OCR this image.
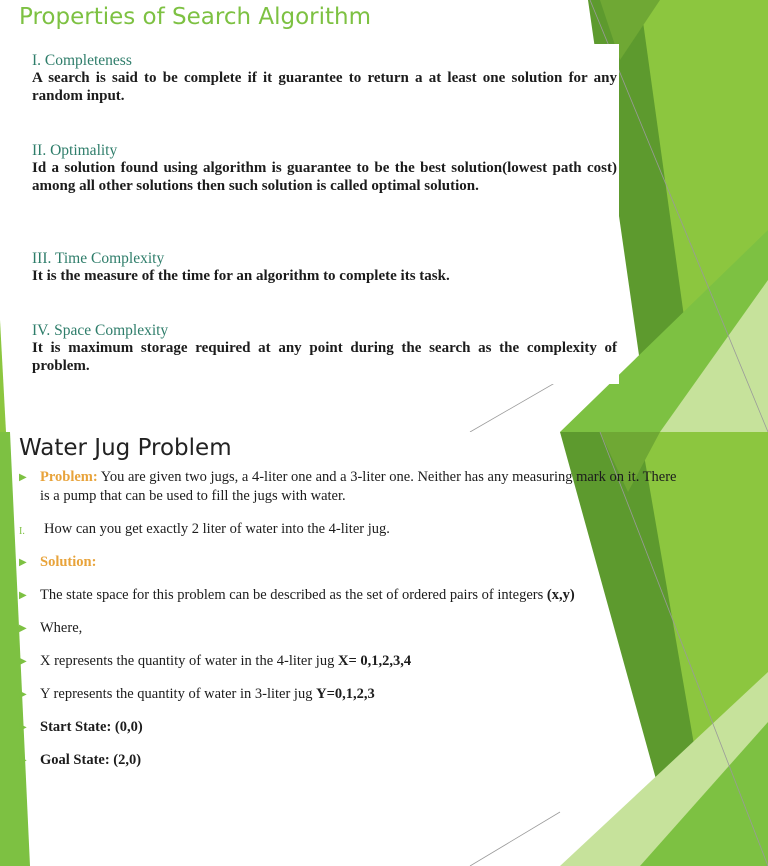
Properties of Search Algorithm
I. Completeness
A search is said to be complete if it guarantee to return a at least one solution for any random input.
II. Optimality
Id a solution found using algorithm is guarantee to be the best solution(lowest path cost) among all other solutions then such solution is called optimal solution.
III. Time Complexity
It is the measure of the time for an algorithm to complete its task.
IV. Space Complexity
It is maximum storage required at any point during the search as the complexity of problem.
Water Jug Problem
▶ Problem: You are given two jugs, a 4-liter one and a 3-liter one. Neither has any measuring mark on it. There is a pump that can be used to fill the jugs with water.
I.	How can you get exactly 2 liter of water into the 4-liter jug.
▶ Solution:
▶ The state space for this problem can be described as the set of ordered pairs of integers (x,y)
▶ Where,
▶ X represents the quantity of water in the 4-liter jug X= 0,1,2,3,4
▶ Y represents the quantity of water in 3-liter jug Y=0,1,2,3
▶ Start State: (0,0)
▶ Goal State: (2,0)
